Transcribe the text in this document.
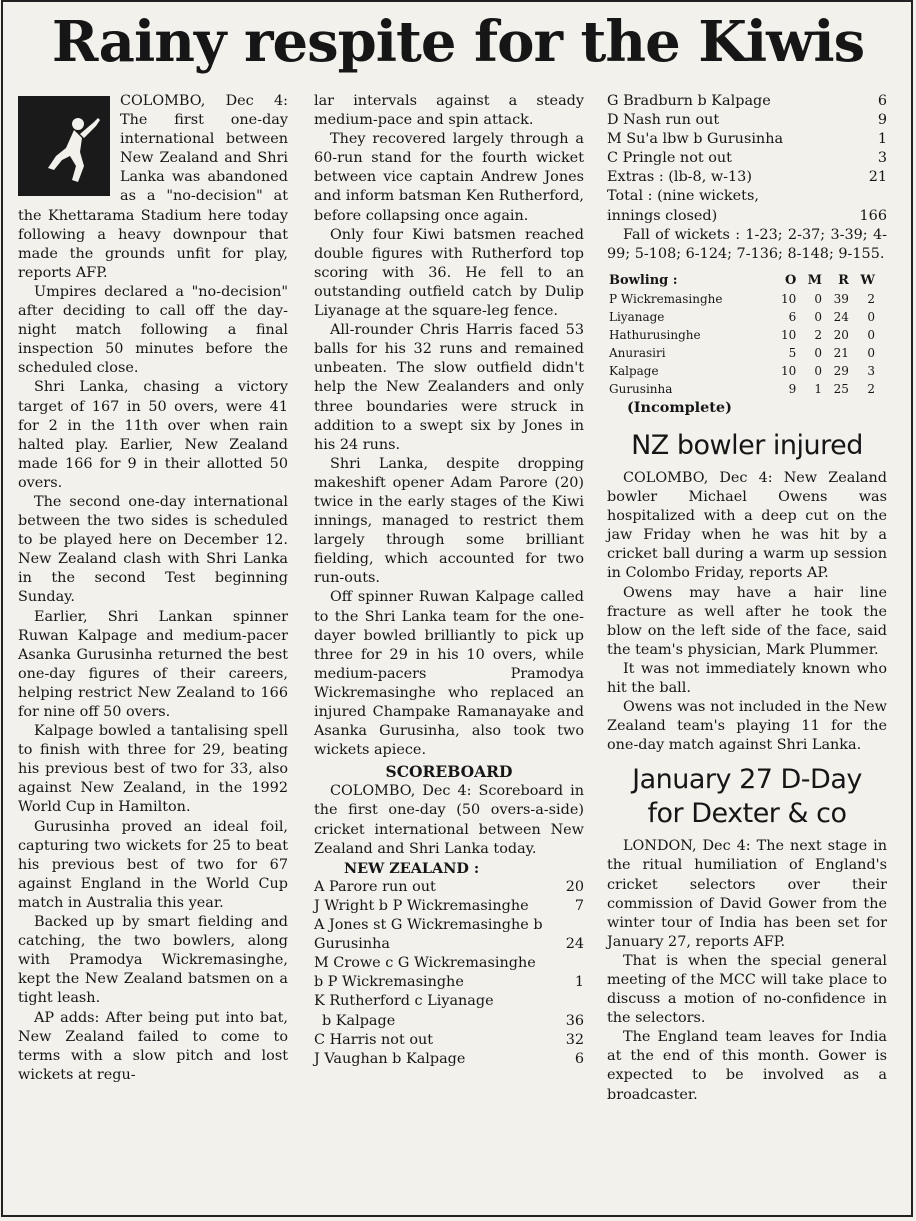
Rainy respite for the Kiwis

COLOMBO, Dec 4: The first one-day international between New Zealand and Shri Lanka was abandoned as a "no-decision" at the Khettarama Stadium here today following a heavy downpour that made the grounds unfit for play, reports AFP.

Umpires declared a "no-decision" after deciding to call off the day-night match following a final inspection 50 minutes before the scheduled close.

Shri Lanka, chasing a victory target of 167 in 50 overs, were 41 for 2 in the 11th over when rain halted play. Earlier, New Zealand made 166 for 9 in their allotted 50 overs.

The second one-day international between the two sides is scheduled to be played here on December 12. New Zealand clash with Shri Lanka in the second Test beginning Sunday.

Earlier, Shri Lankan spinner Ruwan Kalpage and medium-pacer Asanka Gurusinha returned the best one-day figures of their careers, helping restrict New Zealand to 166 for nine off 50 overs.

Kalpage bowled a tantalising spell to finish with three for 29, beating his previous best of two for 33, also against New Zealand, in the 1992 World Cup in Hamilton.

Gurusinha proved an ideal foil, capturing two wickets for 25 to beat his previous best of two for 67 against England in the World Cup match in Australia this year.

Backed up by smart fielding and catching, the two bowlers, along with Pramodya Wickremasinghe, kept the New Zealand batsmen on a tight leash.

AP adds: After being put into bat, New Zealand failed to come to terms with a slow pitch and lost wickets at regu-

lar intervals against a steady medium-pace and spin attack.

They recovered largely through a 60-run stand for the fourth wicket between vice captain Andrew Jones and inform batsman Ken Rutherford, before collapsing once again.

Only four Kiwi batsmen reached double figures with Rutherford top scoring with 36. He fell to an outstanding outfield catch by Dulip Liyanage at the square-leg fence.

All-rounder Chris Harris faced 53 balls for his 32 runs and remained unbeaten. The slow outfield didn't help the New Zealanders and only three boundaries were struck in addition to a swept six by Jones in his 24 runs.

Shri Lanka, despite dropping makeshift opener Adam Parore (20) twice in the early stages of the Kiwi innings, managed to restrict them largely through some brilliant fielding, which accounted for two run-outs.

Off spinner Ruwan Kalpage called to the Shri Lanka team for the one-dayer bowled brilliantly to pick up three for 29 in his 10 overs, while medium-pacers Pramodya Wickremasinghe who replaced an injured Champake Ramanayake and Asanka Gurusinha, also took two wickets apiece.

SCOREBOARD

COLOMBO, Dec 4: Scoreboard in the first one-day (50 overs-a-side) cricket international between New Zealand and Shri Lanka today.

NEW ZEALAND :
A Parore run out	20
J Wright b P Wickremasinghe	7
A Jones st G Wickremasinghe b Gurusinha	24
M Crowe c G Wickremasinghe b P Wickremasinghe	1
K Rutherford c Liyanage
b Kalpage	36
C Harris not out	32
J Vaughan b Kalpage	6
G Bradburn b Kalpage	6
D Nash run out	9
M Su'a lbw b Gurusinha	1
C Pringle not out	3
Extras : (lb-8, w-13)	21
Total : (nine wickets,
innings closed)	166

Fall of wickets : 1-23; 2-37; 3-39; 4-99; 5-108; 6-124; 7-136; 8-148; 9-155.

Bowling :	O	M	R	W
P Wickremasinghe	10	0	39	2
Liyanage	6	0	24	0
Hathurusinghe	10	2	20	0
Anurasiri	5	0	21	0
Kalpage	10	0	29	3
Gurusinha	9	1	25	2
(Incomplete)
NZ bowler injured

COLOMBO, Dec 4: New Zealand bowler Michael Owens was hospitalized with a deep cut on the jaw Friday when he was hit by a cricket ball during a warm up session in Colombo Friday, reports AP.

Owens may have a hair line fracture as well after he took the blow on the left side of the face, said the team's physician, Mark Plummer.

It was not immediately known who hit the ball.

Owens was not included in the New Zealand team's playing 11 for the one-day match against Shri Lanka.

January 27 D-Day
for Dexter & co

LONDON, Dec 4: The next stage in the ritual humiliation of England's cricket selectors over their commission of David Gower from the winter tour of India has been set for January 27, reports AFP.

That is when the special general meeting of the MCC will take place to discuss a motion of no-confidence in the selectors.

The England team leaves for India at the end of this month. Gower is expected to be involved as a broadcaster.
